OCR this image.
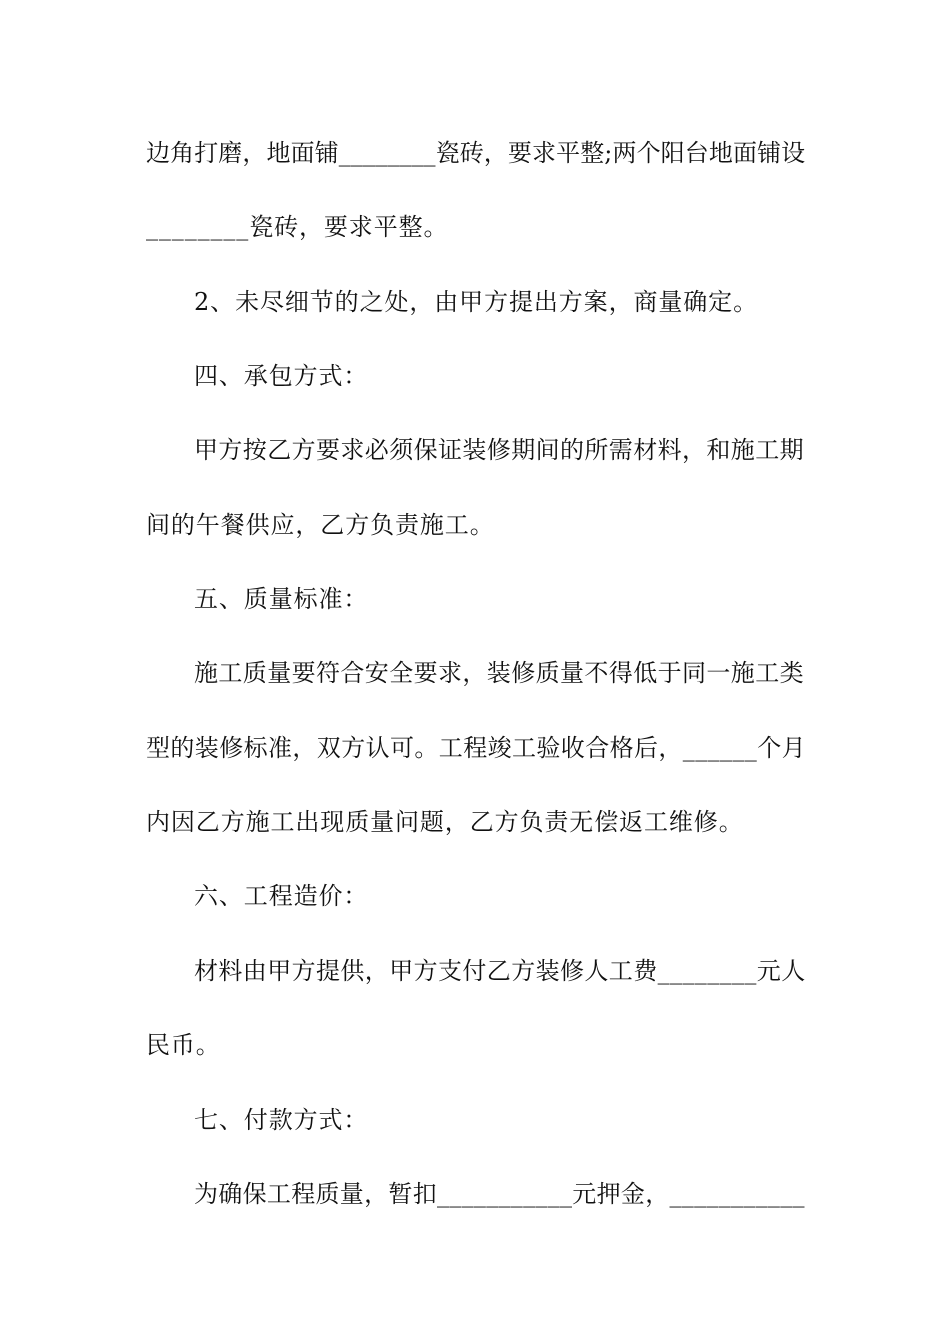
边角打磨，地面铺________瓷砖，要求平整;两个阳台地面铺设
________瓷砖，要求平整。
2、未尽细节的之处，由甲方提出方案，商量确定。
四、承包方式：
甲方按乙方要求必须保证装修期间的所需材料，和施工期
间的午餐供应，乙方负责施工。
五、质量标准：
施工质量要符合安全要求，装修质量不得低于同一施工类
型的装修标准，双方认可。工程竣工验收合格后，______个月
内因乙方施工出现质量问题，乙方负责无偿返工维修。
六、工程造价：
材料由甲方提供，甲方支付乙方装修人工费________元人
民币。
七、付款方式：
为确保工程质量，暂扣___________元押金，___________
